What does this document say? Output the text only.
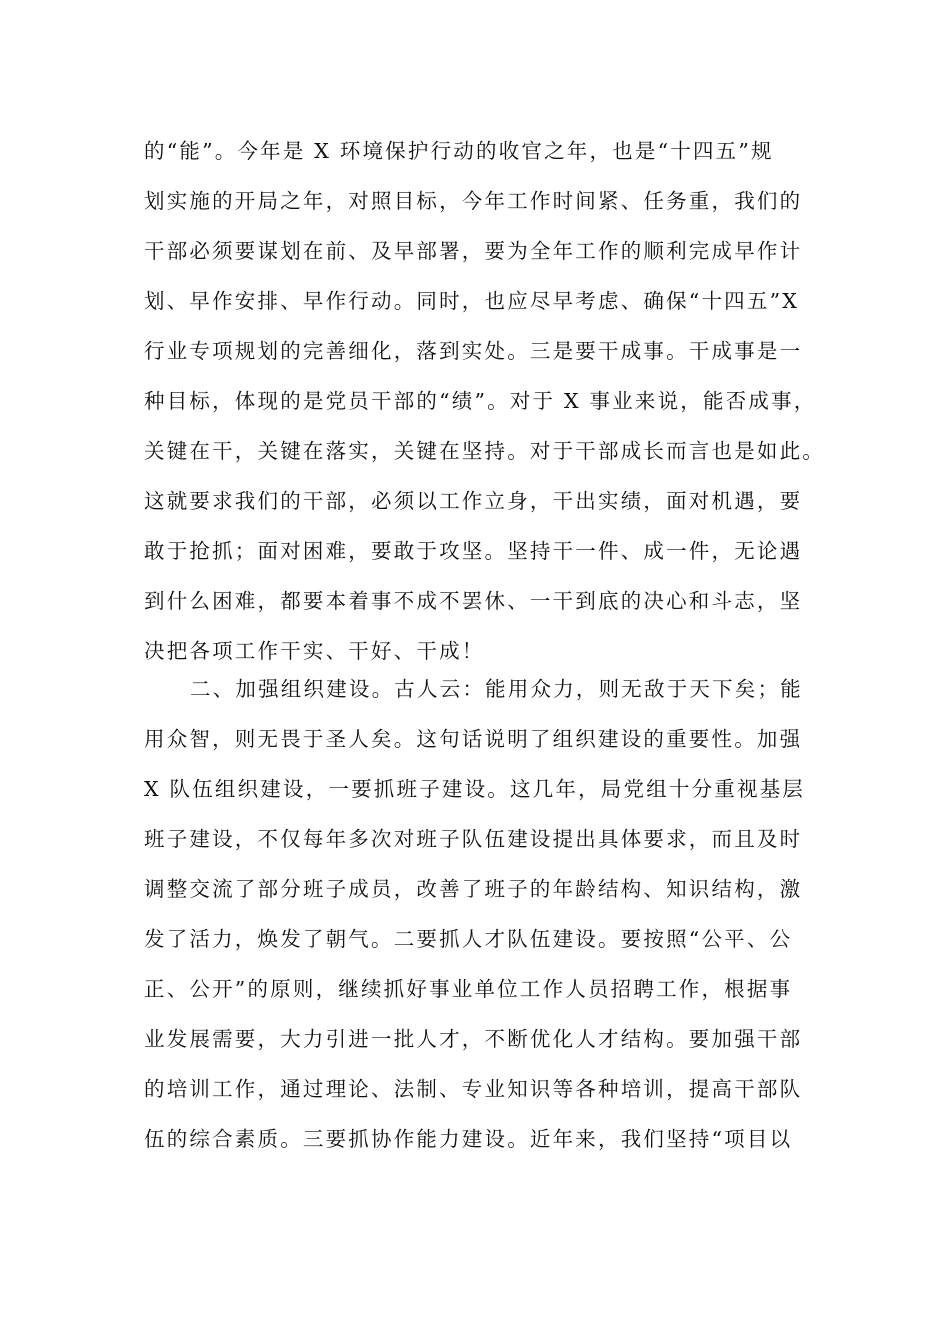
的“能”。今年是 X 环境保护行动的收官之年，也是“十四五”规
划实施的开局之年，对照目标，今年工作时间紧、任务重，我们的
干部必须要谋划在前、及早部署，要为全年工作的顺利完成早作计
划、早作安排、早作行动。同时，也应尽早考虑、确保“十四五”X
行业专项规划的完善细化，落到实处。三是要干成事。干成事是一
种目标，体现的是党员干部的“绩”。对于 X 事业来说，能否成事，
关键在干，关键在落实，关键在坚持。对于干部成长而言也是如此。
这就要求我们的干部，必须以工作立身，干出实绩，面对机遇，要
敢于抢抓；面对困难，要敢于攻坚。坚持干一件、成一件，无论遇
到什么困难，都要本着事不成不罢休、一干到底的决心和斗志，坚
决把各项工作干实、干好、干成！
二、加强组织建设。古人云：能用众力，则无敌于天下矣；能
用众智，则无畏于圣人矣。这句话说明了组织建设的重要性。加强
X 队伍组织建设，一要抓班子建设。这几年，局党组十分重视基层
班子建设，不仅每年多次对班子队伍建设提出具体要求，而且及时
调整交流了部分班子成员，改善了班子的年龄结构、知识结构，激
发了活力，焕发了朝气。二要抓人才队伍建设。要按照“公平、公
正、公开”的原则，继续抓好事业单位工作人员招聘工作，根据事
业发展需要，大力引进一批人才，不断优化人才结构。要加强干部
的培训工作，通过理论、法制、专业知识等各种培训，提高干部队
伍的综合素质。三要抓协作能力建设。近年来，我们坚持“项目以
